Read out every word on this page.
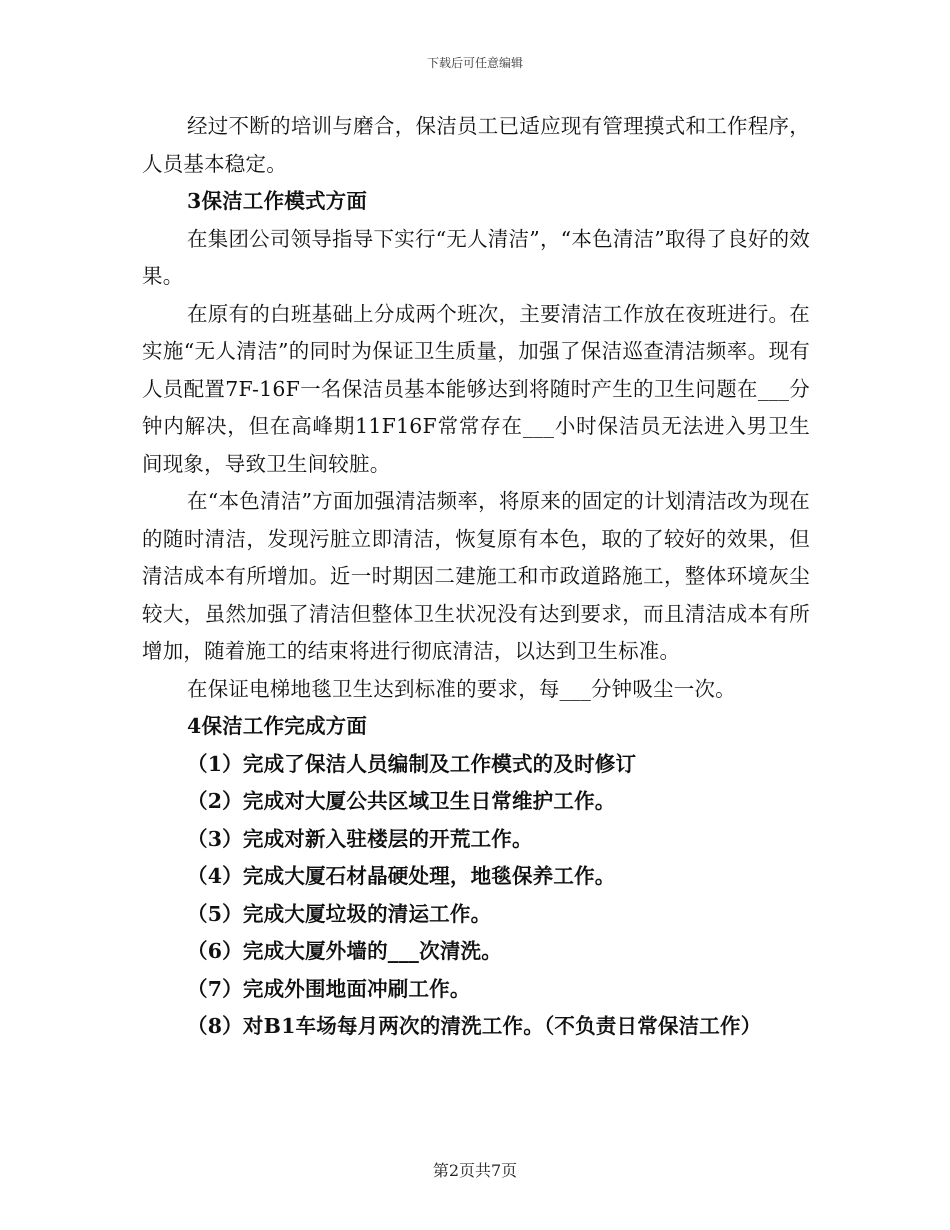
下载后可任意编辑

经过不断的培训与磨合，保洁员工已适应现有管理摸式和工作程序，人员基本稳定。

3保洁工作模式方面

在集团公司领导指导下实行“无人清洁”，“本色清洁”取得了良好的效果。

在原有的白班基础上分成两个班次，主要清洁工作放在夜班进行。在实施“无人清洁”的同时为保证卫生质量，加强了保洁巡查清洁频率。现有人员配置7F-16F一名保洁员基本能够达到将随时产生的卫生问题在___分钟内解决，但在高峰期11F16F常常存在___小时保洁员无法进入男卫生间现象，导致卫生间较脏。

在“本色清洁”方面加强清洁频率，将原来的固定的计划清洁改为现在的随时清洁，发现污脏立即清洁，恢复原有本色，取的了较好的效果，但清洁成本有所增加。近一时期因二建施工和市政道路施工，整体环境灰尘较大，虽然加强了清洁但整体卫生状况没有达到要求，而且清洁成本有所增加，随着施工的结束将进行彻底清洁，以达到卫生标准。

在保证电梯地毯卫生达到标准的要求，每___分钟吸尘一次。

4保洁工作完成方面

（1）完成了保洁人员编制及工作模式的及时修订

（2）完成对大厦公共区域卫生日常维护工作。

（3）完成对新入驻楼层的开荒工作。

（4）完成大厦石材晶硬处理，地毯保养工作。

（5）完成大厦垃圾的清运工作。

（6）完成大厦外墙的___次清洗。

（7）完成外围地面冲刷工作。

（8）对B1车场每月两次的清洗工作。（不负责日常保洁工作）

第2页共7页
